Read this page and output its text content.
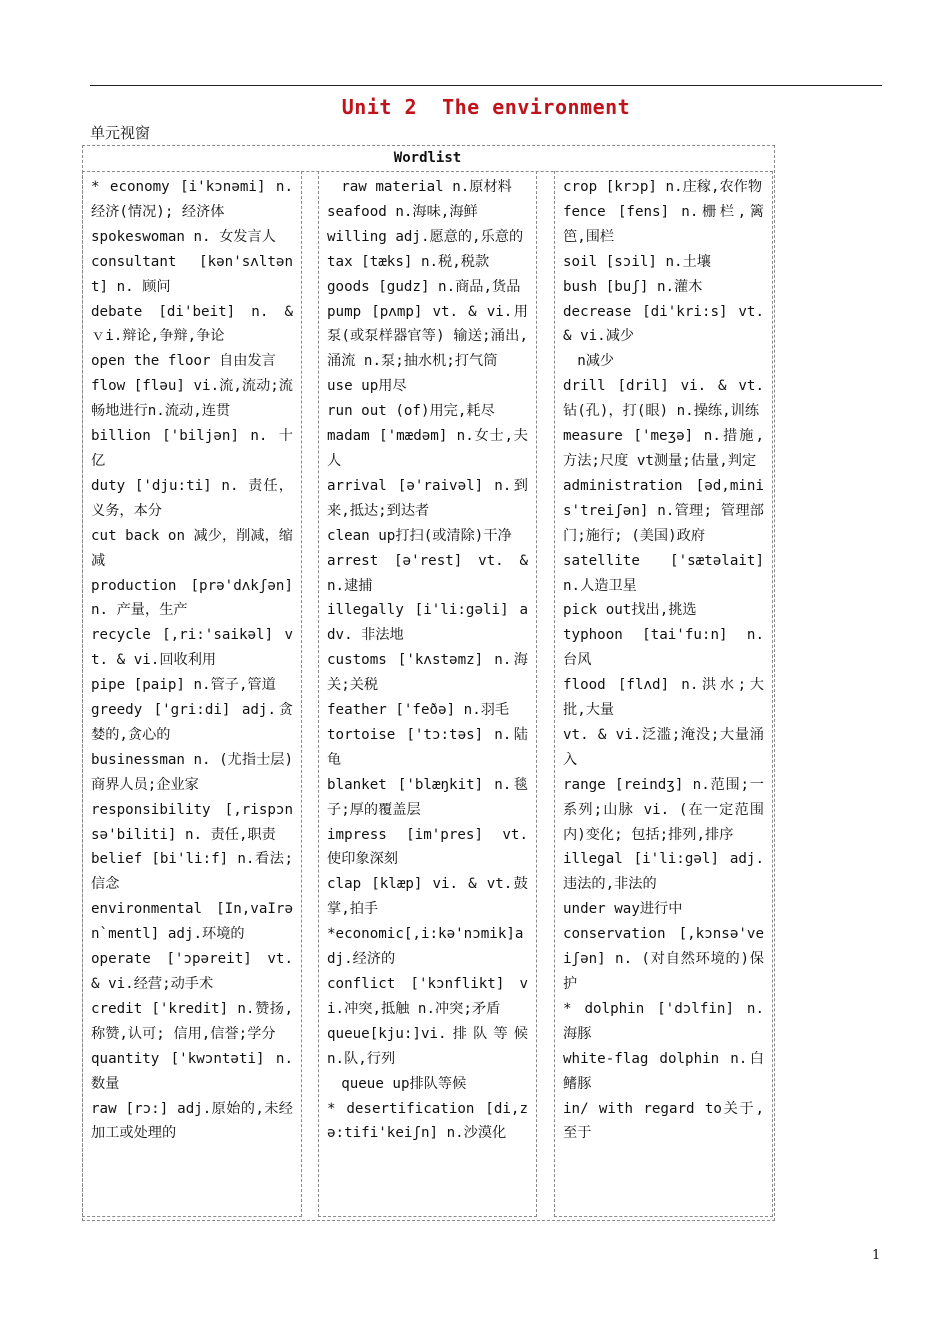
Unit 2  The environment
单元视窗
Wordlist

* economy [i'kɔnəmi] n. 经济(情况); 经济体

spokeswoman n. 女发言人

consultant [kən'sʌltənt] n. 顾问

debate [di'beit] n. & ｖi.辩论,争辩,争论

open the floor 自由发言

flow [fləu] vi.流,流动;流畅地进行n.流动,连贯

billion ['biljən] n. 十亿

duty ['dju:ti] n. 责任，义务，本分

cut back on 减少，削减，缩减

production [prə'dʌkʃən] n. 产量，生产

recycle [,ri:'saikəl] vt. & vi.回收利用

pipe [paip] n.管子,管道

greedy ['gri:di] adj.贪婪的,贪心的

businessman n. (尤指士层) 商界人员;企业家

responsibility [,rispɔnsə'biliti] n. 责任,职责

belief [bi'li:f] n.看法;信念

environmental [In,vaIrən`mentl] adj.环境的

operate ['ɔpəreit] vt. & vi.经营;动手术

credit ['kredit] n.赞扬,称赞,认可; 信用,信誉;学分

quantity ['kwɔntəti] n. 数量

raw [rɔ:] adj.原始的,未经加工或处理的

　raw material n.原材料

seafood n.海味,海鲜

willing adj.愿意的,乐意的

tax [tæks] n.税,税款

goods [gudz] n.商品,货品

pump [pʌmp] vt. & vi.用泵(或泵样器官等) 输送;涌出,涌流 n.泵;抽水机;打气筒

use up用尽

run out (of)用完,耗尽

madam ['mædəm] n.女士,夫人

arrival [ə'raivəl] n.到来,抵达;到达者

clean up打扫(或清除)干净

arrest [ə'rest] vt. & n.逮捕

illegally [i'li:gəli] adv. 非法地

customs ['kʌstəmz] n.海关;关税

feather ['feðə] n.羽毛

tortoise ['tɔ:təs] n.陆龟

blanket ['blæŋkit] n.毯子;厚的覆盖层

impress [im'pres] vt. 使印象深刻

clap [klæp] vi. & vt.鼓掌,拍手

*economic[,i:kə'nɔmik]adj.经济的

conflict ['kɔnflikt] vi.冲突,抵触 n.冲突;矛盾

queue[kju:]vi.排队等候 n.队,行列

　queue up排队等候

* desertification [di,zə:tifi'keiʃn] n.沙漠化

crop [krɔp] n.庄稼,农作物

fence [fens] n.栅栏,篱笆,围栏

soil [sɔil] n.土壤

bush [buʃ] n.灌木

decrease [di'kri:s] vt. & vi.减少

　n减少

drill [dril] vi. & vt.钻(孔)，打(眼) n.操练,训练

measure ['meʒə] n.措施,方法;尺度 vt测量;估量,判定

administration [əd,minis'treiʃən] n.管理; 管理部门;施行; (美国)政府

satellite ['sætəlait] n.人造卫星

pick out找出,挑选

typhoon [tai'fu:n] n. 台风

flood [flʌd] n.洪水;大批,大量

vt. & vi.泛滥;淹没;大量涌入

range [reindʒ] n.范围;一系列;山脉 vi. (在一定范围内)变化; 包括;排列,排序

illegal [i'li:gəl] adj.违法的,非法的

under way进行中

conservation [,kɔnsə'veiʃən] n. (对自然环境的)保护

* dolphin ['dɔlfin] n.海豚

white-flag dolphin n.白鳍豚

in/ with regard to关于,至于

1
